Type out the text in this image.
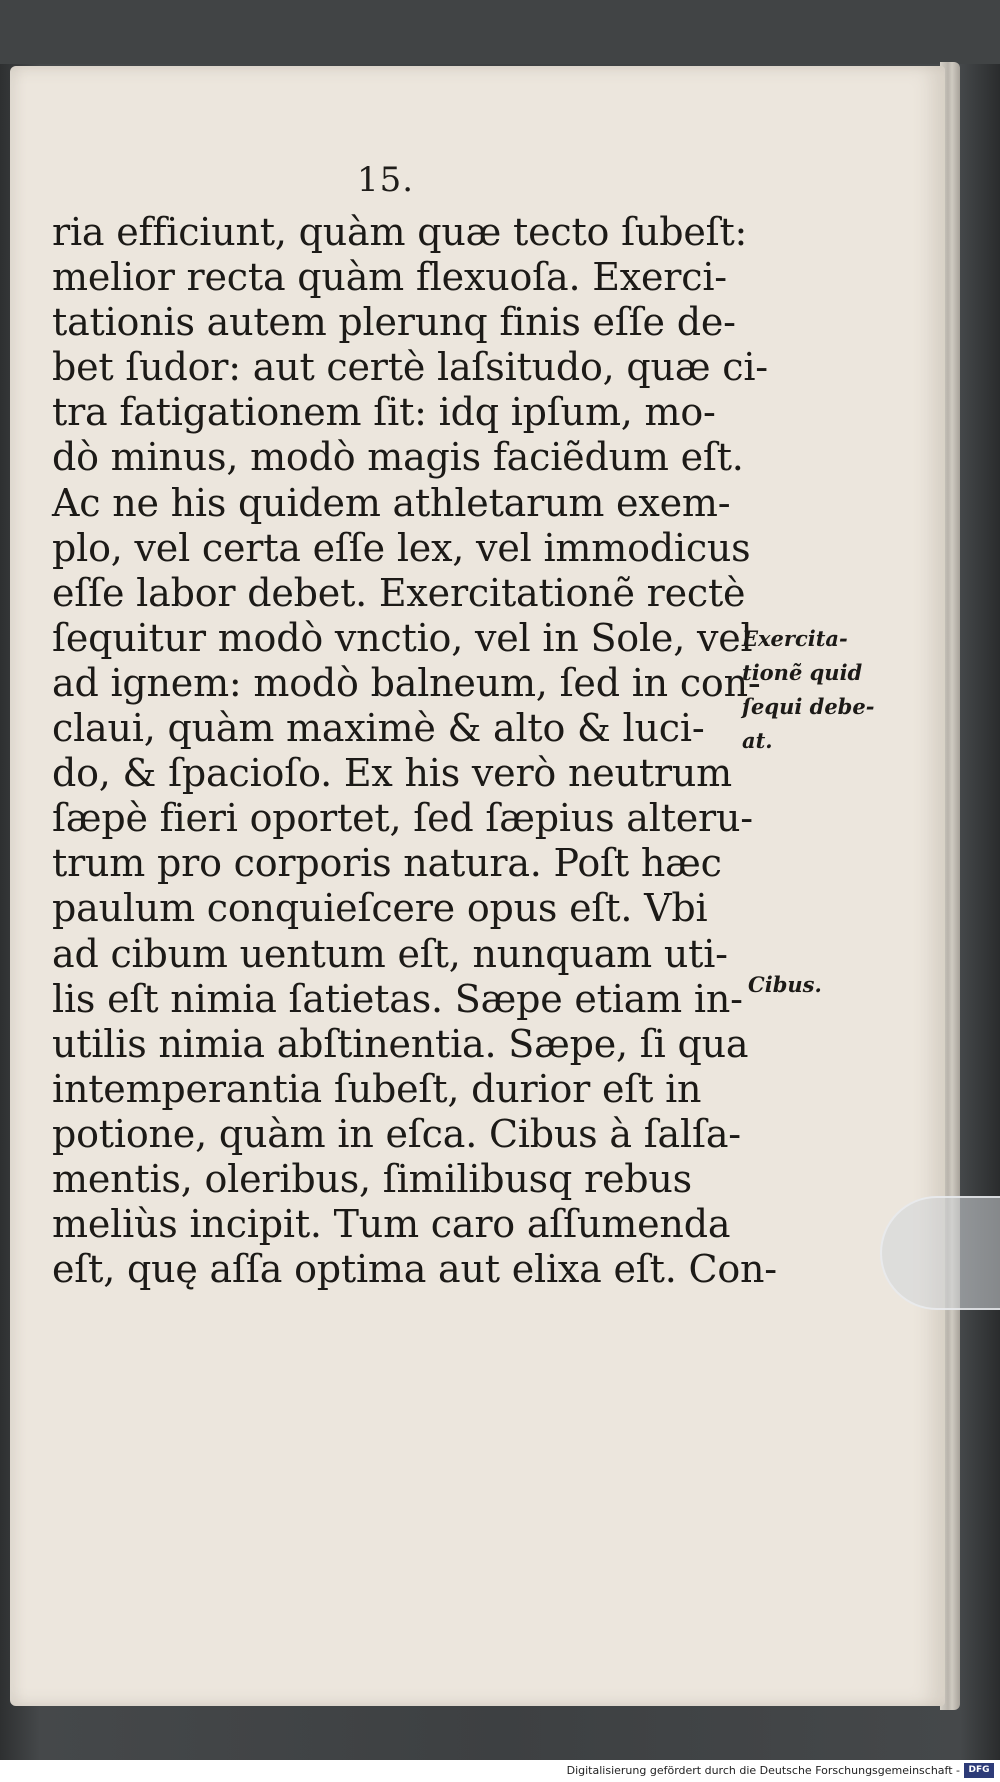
15.
ria efficiunt, quàm quæ tecto ſubeſt:
melior recta quàm flexuoſa. Exerci-
tationis autem plerunq finis eſſe de-
bet ſudor: aut certè laſsitudo, quæ ci-
tra fatigationem ſit: idq ipſum, mo-
dò minus, modò magis faciẽdum eſt.
Ac ne his quidem athletarum exem-
plo, vel certa eſſe lex, vel immodicus
eſſe labor debet. Exercitationẽ rectè
ſequitur modò vnctio, vel in Sole, vel
ad ignem: modò balneum, ſed in con-
claui, quàm maximè & alto & luci-
do, & ſpacioſo. Ex his verò neutrum
ſæpè fieri oportet, ſed ſæpius alteru-
trum pro corporis natura. Poſt hæc
paulum conquieſcere opus eſt. Vbi
ad cibum uentum eſt, nunquam uti-
lis eſt nimia ſatietas. Sæpe etiam in-
utilis nimia abſtinentia. Sæpe, ſi qua
intemperantia ſubeſt, durior eſt in
potione, quàm in eſca. Cibus à ſalſa-
mentis, oleribus, ſimilibusq rebus
meliùs incipit. Tum caro aſſumenda
eſt, quę aſſa optima aut elixa eſt. Con-
Exercita-
tionẽ quid
ſequi debe-
at.
Cibus.
Digitalisierung gefördert durch die Deutsche Forschungsgemeinschaft - DFG
